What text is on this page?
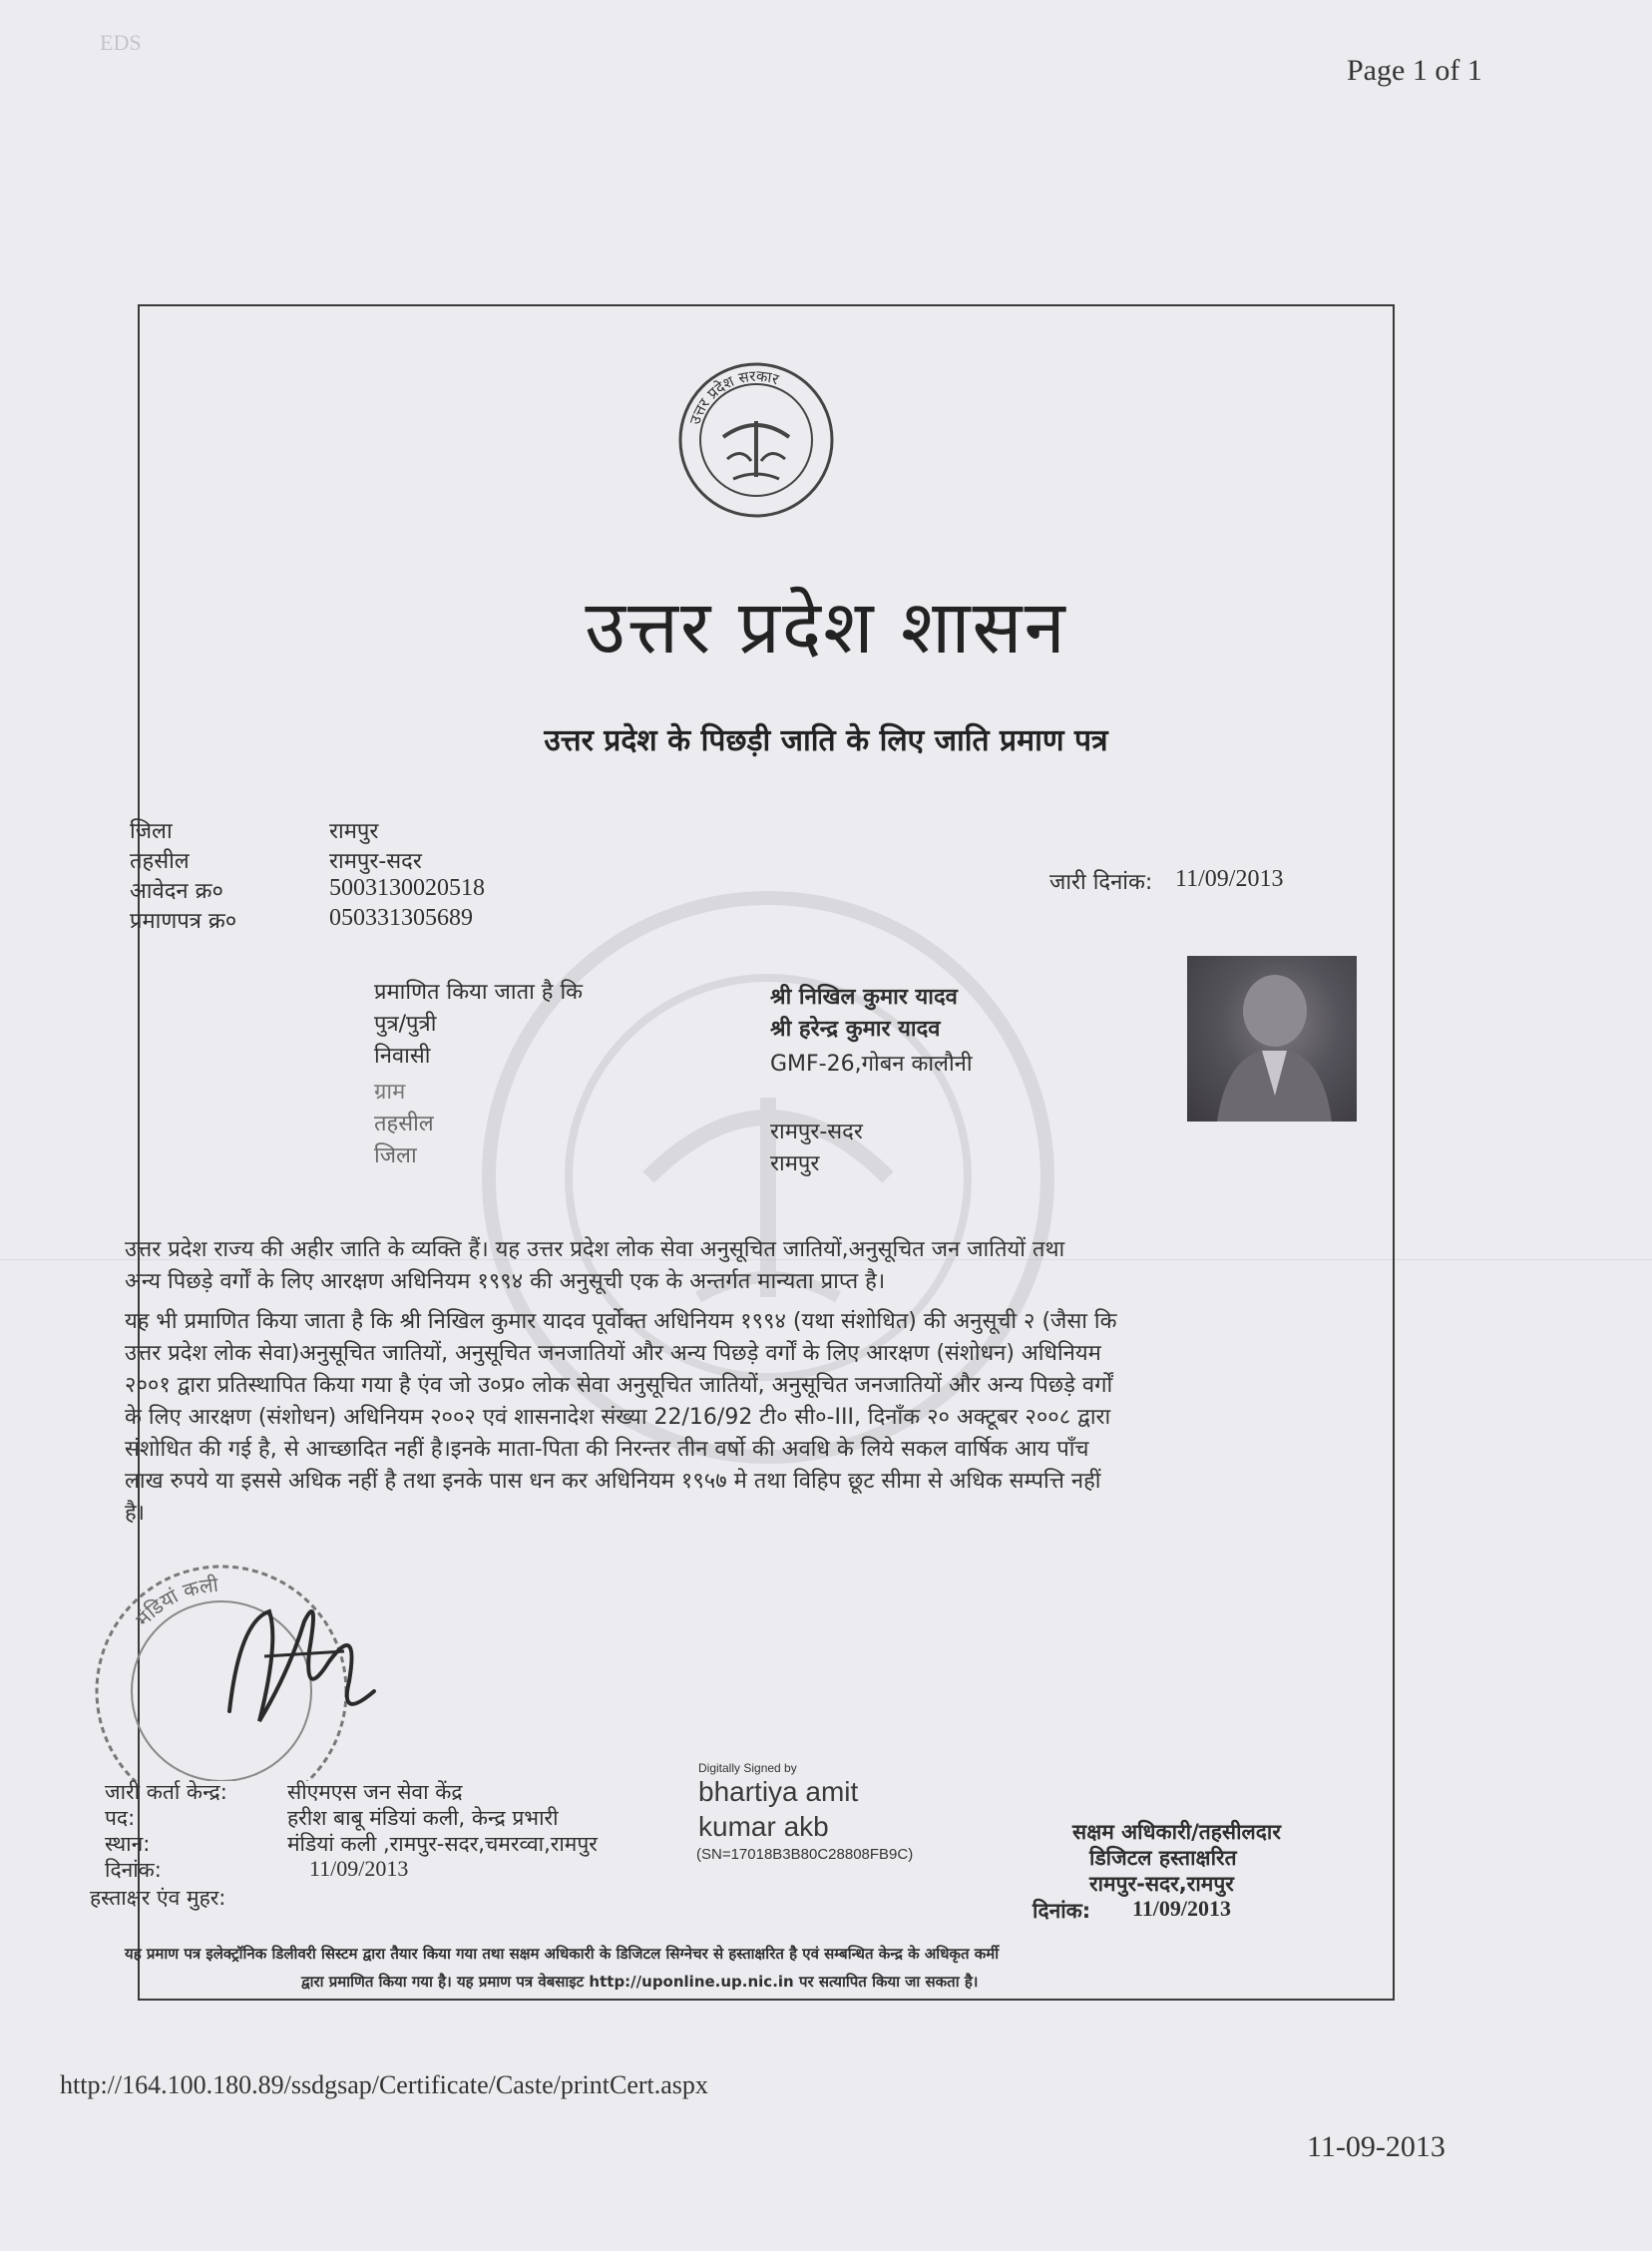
EDS
Page 1 of 1
उत्तर प्रदेश सरकार
उत्तर प्रदेश शासन
उत्तर प्रदेश के पिछड़ी जाति के लिए जाति प्रमाण पत्र
जिला	रामपुर
तहसील	रामपुर-सदर
आवेदन क्र०	5003130020518
प्रमाणपत्र क्र०	050331305689
जारी दिनांक: 11/09/2013
प्रमाणित किया जाता है कि	श्री निखिल कुमार यादव
पुत्र/पुत्री	श्री हरेन्द्र कुमार यादव
निवासी	GMF-26,गोबन कालौनी
ग्राम
तहसील	रामपुर-सदर
जिला	रामपुर
उत्तर प्रदेश राज्य की अहीर जाति के व्यक्ति हैं। यह उत्तर प्रदेश लोक सेवा अनुसूचित जातियों,अनुसूचित जन जातियों तथा
अन्य पिछड़े वर्गों के लिए आरक्षण अधिनियम १९९४ की अनुसूची एक के अन्तर्गत मान्यता प्राप्त है।
यह भी प्रमाणित किया जाता है कि श्री निखिल कुमार यादव पूर्वोक्त अधिनियम १९९४ (यथा संशोधित) की अनुसूची २ (जैसा कि
उत्तर प्रदेश लोक सेवा)अनुसूचित जातियों, अनुसूचित जनजातियों और अन्य पिछड़े वर्गों के लिए आरक्षण (संशोधन) अधिनियम
२००१ द्वारा प्रतिस्थापित किया गया है एंव जो उ०प्र० लोक सेवा अनुसूचित जातियों, अनुसूचित जनजातियों और अन्य पिछड़े वर्गों
के लिए आरक्षण (संशोधन) अधिनियम २००२ एवं शासनादेश संख्या 22/16/92 टी० सी०-III, दिनाँक २० अक्टूबर २००८ द्वारा
संशोधित की गई है, से आच्छादित नहीं है।इनके माता-पिता की निरन्तर तीन वर्षो की अवधि के लिये सकल वार्षिक आय पाँच
लाख रुपये या इससे अधिक नहीं है तथा इनके पास धन कर अधिनियम १९५७ मे तथा विहिप छूट सीमा से अधिक सम्पत्ति नहीं
है।
मंडियां कली
जारी कर्ता केन्द्र:	सीएमएस जन सेवा केंद्र
पद:	हरीश बाबू मंडियां कली, केन्द्र प्रभारी
स्थान:	मंडियां कली ,रामपुर-सदर,चमरव्वा,रामपुर
दिनांक:	11/09/2013
हस्ताक्षर एंव मुहर:
Digitally Signed by
bhartiya amit
kumar akb
(SN=17018B3B80C28808FB9C)
सक्षम अधिकारी/तहसीलदार
डिजिटल हस्ताक्षरित
रामपुर-सदर,रामपुर
दिनांक: 11/09/2013
यह प्रमाण पत्र इलेक्ट्रॉनिक डिलीवरी सिस्टम द्वारा तैयार किया गया तथा सक्षम अधिकारी के डिजिटल सिग्नेचर से हस्ताक्षरित है एवं सम्बन्धित केन्द्र के अधिकृत कर्मी
द्वारा प्रमाणित किया गया है। यह प्रमाण पत्र वेबसाइट http://uponline.up.nic.in पर सत्यापित किया जा सकता है।
http://164.100.180.89/ssdgsap/Certificate/Caste/printCert.aspx
11-09-2013
